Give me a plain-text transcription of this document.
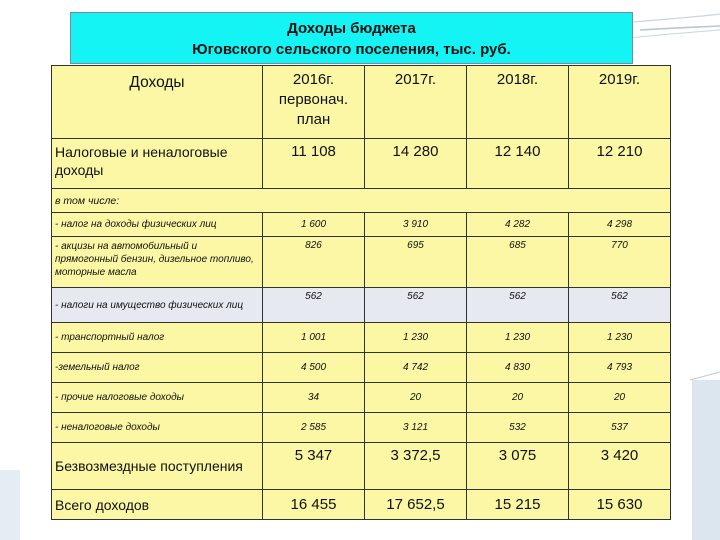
Доходы бюджета
Юговского сельского поселения, тыс. руб.
Доходы	2016г.
первонач.
план	2017г.	2018г.	2019г.

Налоговые и неналоговые доходы	11 108	14 280	12 140	12 210
в том числе:				
- налог на доходы физических лиц	1 600	3 910	4 282	4 298
- акцизы на автомобильный и прямогонный бензин, дизельное топливо, моторные масла	826	695	685	770
- налоги на имущество физических лиц	562	562	562	562
- транспортный налог	1 001	1 230	1 230	1 230
-земельный налог	4 500	4 742	4 830	4 793
- прочие налоговые доходы	34	20	20	20
- неналоговые доходы	2 585	3 121	532	537
Безвозмездные поступления	5 347	3 372,5	3 075	3 420
Всего доходов	16 455	17 652,5	15 215	15 630
